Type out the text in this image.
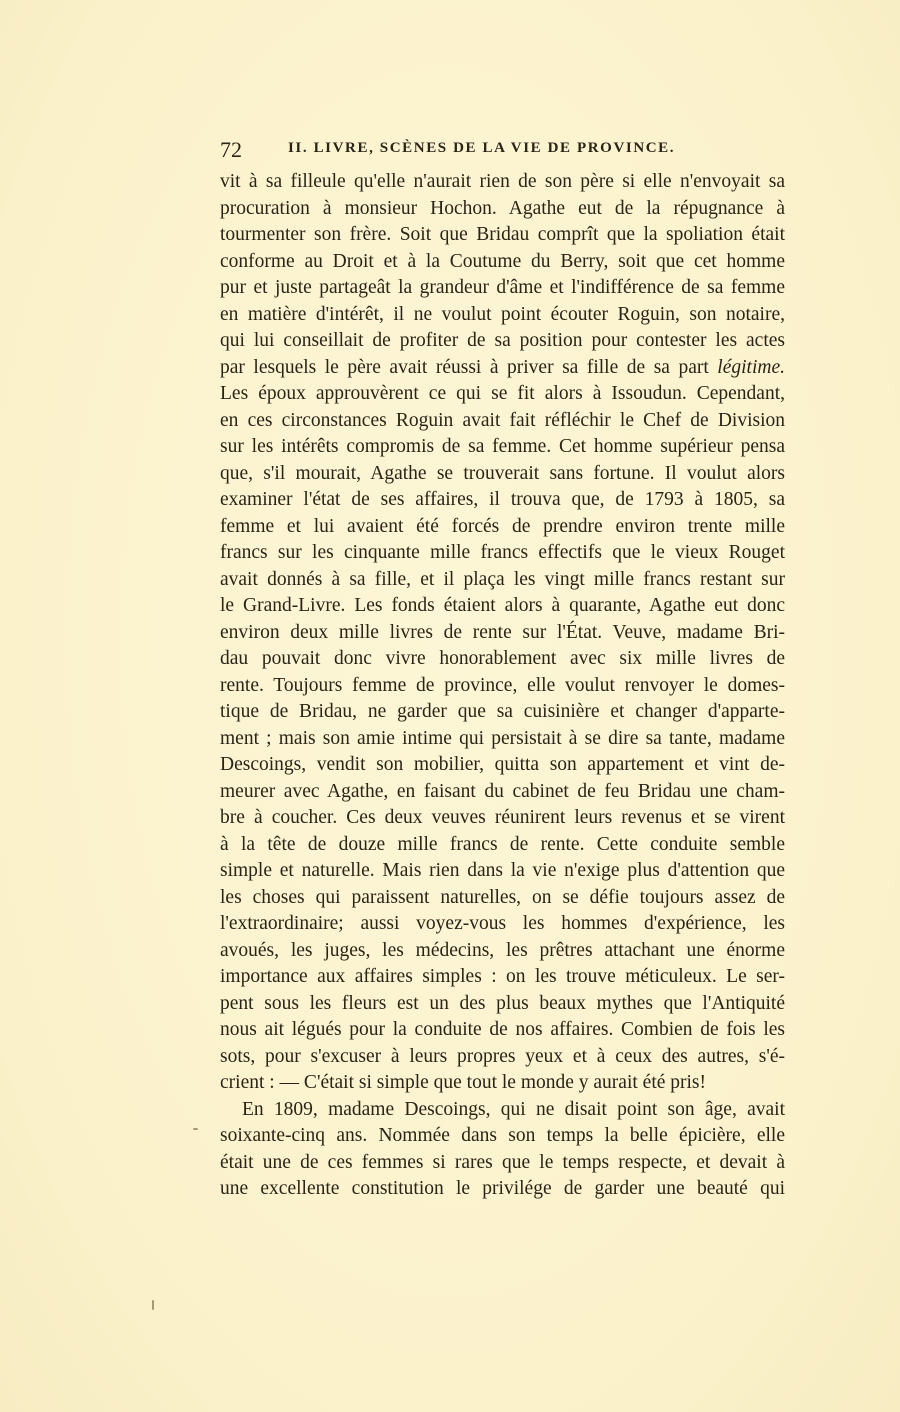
72	II. LIVRE, SCÈNES DE LA VIE DE PROVINCE.
vit à sa filleule qu'elle n'aurait rien de son père si elle n'envoyait sa
procuration à monsieur Hochon. Agathe eut de la répugnance à
tourmenter son frère. Soit que Bridau comprît que la spoliation était
conforme au Droit et à la Coutume du Berry, soit que cet homme
pur et juste partageât la grandeur d'âme et l'indifférence de sa femme
en matière d'intérêt, il ne voulut point écouter Roguin, son notaire,
qui lui conseillait de profiter de sa position pour contester les actes
par lesquels le père avait réussi à priver sa fille de sa part légitime.
Les époux approuvèrent ce qui se fit alors à Issoudun. Cependant,
en ces circonstances Roguin avait fait réfléchir le Chef de Division
sur les intérêts compromis de sa femme. Cet homme supérieur pensa
que, s'il mourait, Agathe se trouverait sans fortune. Il voulut alors
examiner l'état de ses affaires, il trouva que, de 1793 à 1805, sa
femme et lui avaient été forcés de prendre environ trente mille
francs sur les cinquante mille francs effectifs que le vieux Rouget
avait donnés à sa fille, et il plaça les vingt mille francs restant sur
le Grand-Livre. Les fonds étaient alors à quarante, Agathe eut donc
environ deux mille livres de rente sur l'État. Veuve, madame Bri-
dau pouvait donc vivre honorablement avec six mille livres de
rente. Toujours femme de province, elle voulut renvoyer le domes-
tique de Bridau, ne garder que sa cuisinière et changer d'apparte-
ment ; mais son amie intime qui persistait à se dire sa tante, madame
Descoings, vendit son mobilier, quitta son appartement et vint de-
meurer avec Agathe, en faisant du cabinet de feu Bridau une cham-
bre à coucher. Ces deux veuves réunirent leurs revenus et se virent
à la tête de douze mille francs de rente. Cette conduite semble
simple et naturelle. Mais rien dans la vie n'exige plus d'attention que
les choses qui paraissent naturelles, on se défie toujours assez de
l'extraordinaire; aussi voyez-vous les hommes d'expérience, les
avoués, les juges, les médecins, les prêtres attachant une énorme
importance aux affaires simples : on les trouve méticuleux. Le ser-
pent sous les fleurs est un des plus beaux mythes que l'Antiquité
nous ait légués pour la conduite de nos affaires. Combien de fois les
sots, pour s'excuser à leurs propres yeux et à ceux des autres, s'é-
crient : — C'était si simple que tout le monde y aurait été pris!
En 1809, madame Descoings, qui ne disait point son âge, avait
soixante-cinq ans. Nommée dans son temps la belle épicière, elle
était une de ces femmes si rares que le temps respecte, et devait à
une excellente constitution le privilége de garder une beauté qui
